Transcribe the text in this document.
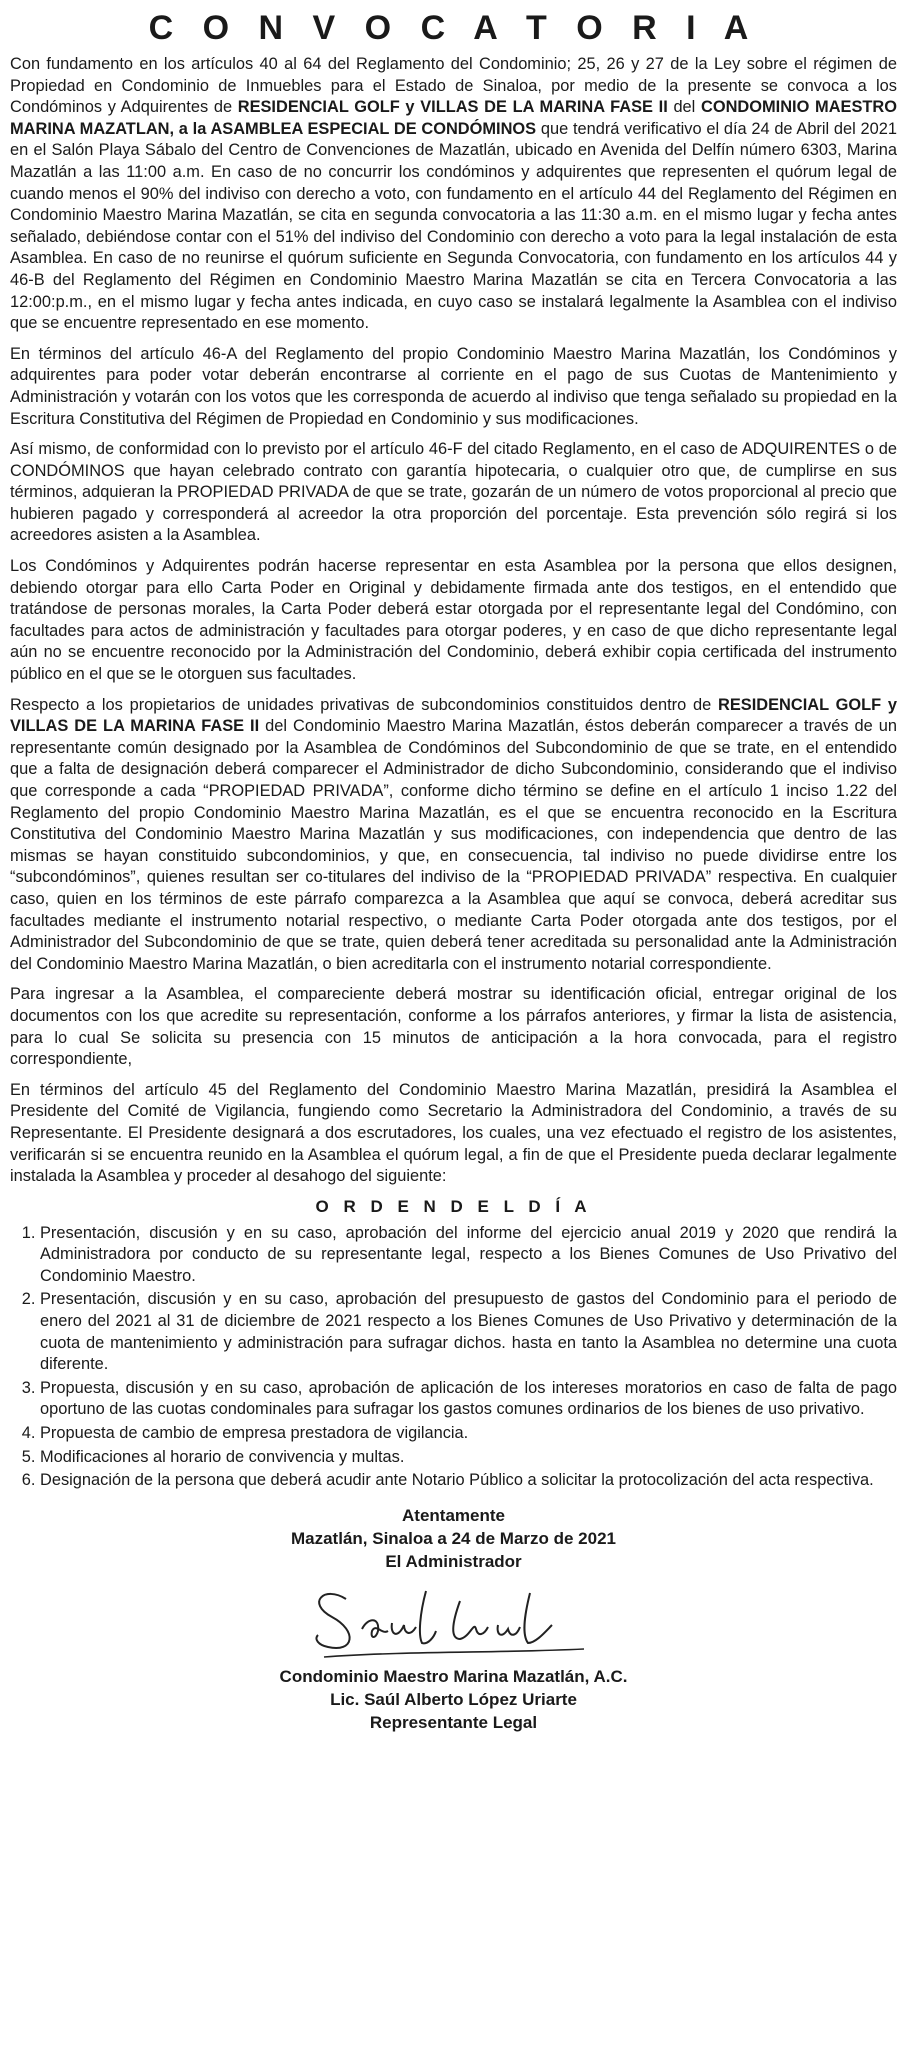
C O N V O C A T O R I A
Con fundamento en los artículos 40 al 64 del Reglamento del Condominio; 25, 26 y 27 de la Ley sobre el régimen de Propiedad en Condominio de Inmuebles para el Estado de Sinaloa, por medio de la presente se convoca a los Condóminos y Adquirentes de RESIDENCIAL GOLF y VILLAS DE LA MARINA FASE II del CONDOMINIO MAESTRO MARINA MAZATLAN, a la ASAMBLEA ESPECIAL DE CONDÓMINOS que tendrá verificativo el día 24 de Abril del 2021 en el Salón Playa Sábalo del Centro de Convenciones de Mazatlán, ubicado en Avenida del Delfín número 6303, Marina Mazatlán a las 11:00 a.m. En caso de no concurrir los condóminos y adquirentes que representen el quórum legal de cuando menos el 90% del indiviso con derecho a voto, con fundamento en el artículo 44 del Reglamento del Régimen en Condominio Maestro Marina Mazatlán, se cita en segunda convocatoria a las 11:30 a.m. en el mismo lugar y fecha antes señalado, debiéndose contar con el 51% del indiviso del Condominio con derecho a voto para la legal instalación de esta Asamblea. En caso de no reunirse el quórum suficiente en Segunda Convocatoria, con fundamento en los artículos 44 y 46-B del Reglamento del Régimen en Condominio Maestro Marina Mazatlán se cita en Tercera Convocatoria a las 12:00:p.m., en el mismo lugar y fecha antes indicada, en cuyo caso se instalará legalmente la Asamblea con el indiviso que se encuentre representado en ese momento.
En términos del artículo 46-A del Reglamento del propio Condominio Maestro Marina Mazatlán, los Condóminos y adquirentes para poder votar deberán encontrarse al corriente en el pago de sus Cuotas de Mantenimiento y Administración y votarán con los votos que les corresponda de acuerdo al indiviso que tenga señalado su propiedad en la Escritura Constitutiva del Régimen de Propiedad en Condominio y sus modificaciones.
Así mismo, de conformidad con lo previsto por el artículo 46-F del citado Reglamento, en el caso de ADQUIRENTES o de CONDÓMINOS que hayan celebrado contrato con garantía hipotecaria, o cualquier otro que, de cumplirse en sus términos, adquieran la PROPIEDAD PRIVADA de que se trate, gozarán de un número de votos proporcional al precio que hubieren pagado y corresponderá al acreedor la otra proporción del porcentaje. Esta prevención sólo regirá si los acreedores asisten a la Asamblea.
Los Condóminos y Adquirentes podrán hacerse representar en esta Asamblea por la persona que ellos designen, debiendo otorgar para ello Carta Poder en Original y debidamente firmada ante dos testigos, en el entendido que tratándose de personas morales, la Carta Poder deberá estar otorgada por el representante legal del Condómino, con facultades para actos de administración y facultades para otorgar poderes, y en caso de que dicho representante legal aún no se encuentre reconocido por la Administración del Condominio, deberá exhibir copia certificada del instrumento público en el que se le otorguen sus facultades.
Respecto a los propietarios de unidades privativas de subcondominios constituidos dentro de RESIDENCIAL GOLF y VILLAS DE LA MARINA FASE II del Condominio Maestro Marina Mazatlán, éstos deberán comparecer a través de un representante común designado por la Asamblea de Condóminos del Subcondominio de que se trate, en el entendido que a falta de designación deberá comparecer el Administrador de dicho Subcondominio, considerando que el indiviso que corresponde a cada “PROPIEDAD PRIVADA”, conforme dicho término se define en el artículo 1 inciso 1.22 del Reglamento del propio Condominio Maestro Marina Mazatlán, es el que se encuentra reconocido en la Escritura Constitutiva del Condominio Maestro Marina Mazatlán y sus modificaciones, con independencia que dentro de las mismas se hayan constituido subcondominios, y que, en consecuencia, tal indiviso no puede dividirse entre los “subcondóminos”, quienes resultan ser co-titulares del indiviso de la “PROPIEDAD PRIVADA” respectiva. En cualquier caso, quien en los términos de este párrafo comparezca a la Asamblea que aquí se convoca, deberá acreditar sus facultades mediante el instrumento notarial respectivo, o mediante Carta Poder otorgada ante dos testigos, por el Administrador del Subcondominio de que se trate, quien deberá tener acreditada su personalidad ante la Administración del Condominio Maestro Marina Mazatlán, o bien acreditarla con el instrumento notarial correspondiente.
Para ingresar a la Asamblea, el compareciente deberá mostrar su identificación oficial, entregar original de los documentos con los que acredite su representación, conforme a los párrafos anteriores, y firmar la lista de asistencia, para lo cual Se solicita su presencia con 15 minutos de anticipación a la hora convocada, para el registro correspondiente,
En términos del artículo 45 del Reglamento del Condominio Maestro Marina Mazatlán, presidirá la Asamblea el Presidente del Comité de Vigilancia, fungiendo como Secretario la Administradora del Condominio, a través de su Representante. El Presidente designará a dos escrutadores, los cuales, una vez efectuado el registro de los asistentes, verificarán si se encuentra reunido en la Asamblea el quórum legal, a fin de que el Presidente pueda declarar legalmente instalada la Asamblea y proceder al desahogo del siguiente:
O R D E N D E L D Í A
1. Presentación, discusión y en su caso, aprobación del informe del ejercicio anual 2019 y 2020 que rendirá la Administradora por conducto de su representante legal, respecto a los Bienes Comunes de Uso Privativo del Condominio Maestro.
2. Presentación, discusión y en su caso, aprobación del presupuesto de gastos del Condominio para el periodo de enero del 2021 al 31 de diciembre de 2021 respecto a los Bienes Comunes de Uso Privativo y determinación de la cuota de mantenimiento y administración para sufragar dichos. hasta en tanto la Asamblea no determine una cuota diferente.
3. Propuesta, discusión y en su caso, aprobación de aplicación de los intereses moratorios en caso de falta de pago oportuno de las cuotas condominales para sufragar los gastos comunes ordinarios de los bienes de uso privativo.
4. Propuesta de cambio de empresa prestadora de vigilancia.
5. Modificaciones al horario de convivencia y multas.
6. Designación de la persona que deberá acudir ante Notario Público a solicitar la protocolización del acta respectiva.
Atentamente
Mazatlán, Sinaloa a 24 de Marzo de 2021
El Administrador
Condominio Maestro Marina Mazatlán, A.C.
Lic. Saúl Alberto López Uriarte
Representante Legal
